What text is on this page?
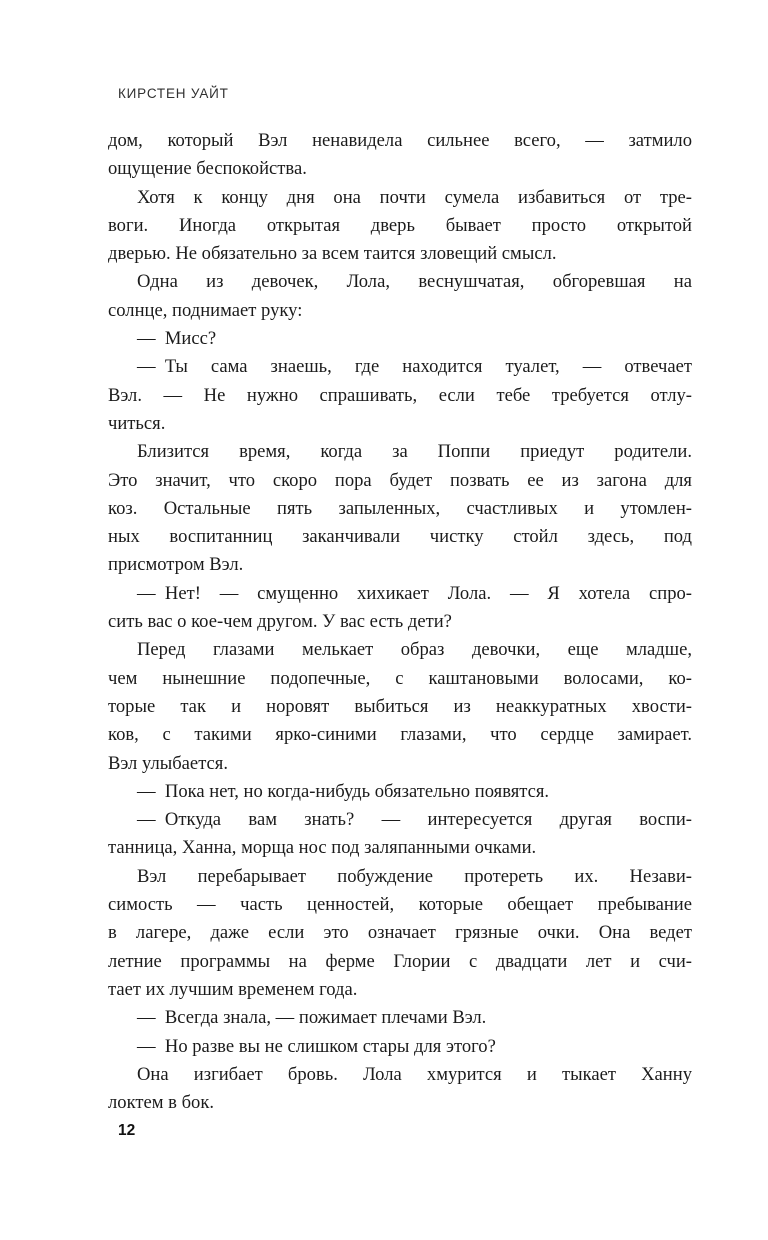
КИРСТЕН УАЙТ
дом, который Вэл ненавидела сильнее всего, — затмило
ощущение беспокойства.
Хотя к концу дня она почти сумела избавиться от тре-
воги. Иногда открытая дверь бывает просто открытой
дверью. Не обязательно за всем таится зловещий смысл.
Одна из девочек, Лола, веснушчатая, обгоревшая на
солнце, поднимает руку:
— Мисс?
— Ты сама знаешь, где находится туалет, — отвечает
Вэл. — Не нужно спрашивать, если тебе требуется отлу-
читься.
Близится время, когда за Поппи приедут родители.
Это значит, что скоро пора будет позвать ее из загона для
коз. Остальные пять запыленных, счастливых и утомлен-
ных воспитанниц заканчивали чистку стойл здесь, под
присмотром Вэл.
— Нет! — смущенно хихикает Лола. — Я хотела спро-
сить вас о кое-чем другом. У вас есть дети?
Перед глазами мелькает образ девочки, еще младше,
чем нынешние подопечные, с каштановыми волосами, ко-
торые так и норовят выбиться из неаккуратных хвости-
ков, с такими ярко-синими глазами, что сердце замирает.
Вэл улыбается.
— Пока нет, но когда-нибудь обязательно появятся.
— Откуда вам знать? — интересуется другая воспи-
танница, Ханна, морща нос под заляпанными очками.
Вэл перебарывает побуждение протереть их. Незави-
симость — часть ценностей, которые обещает пребывание
в лагере, даже если это означает грязные очки. Она ведет
летние программы на ферме Глории с двадцати лет и счи-
тает их лучшим временем года.
— Всегда знала, — пожимает плечами Вэл.
— Но разве вы не слишком стары для этого?
Она изгибает бровь. Лола хмурится и тыкает Ханну
локтем в бок.
12
